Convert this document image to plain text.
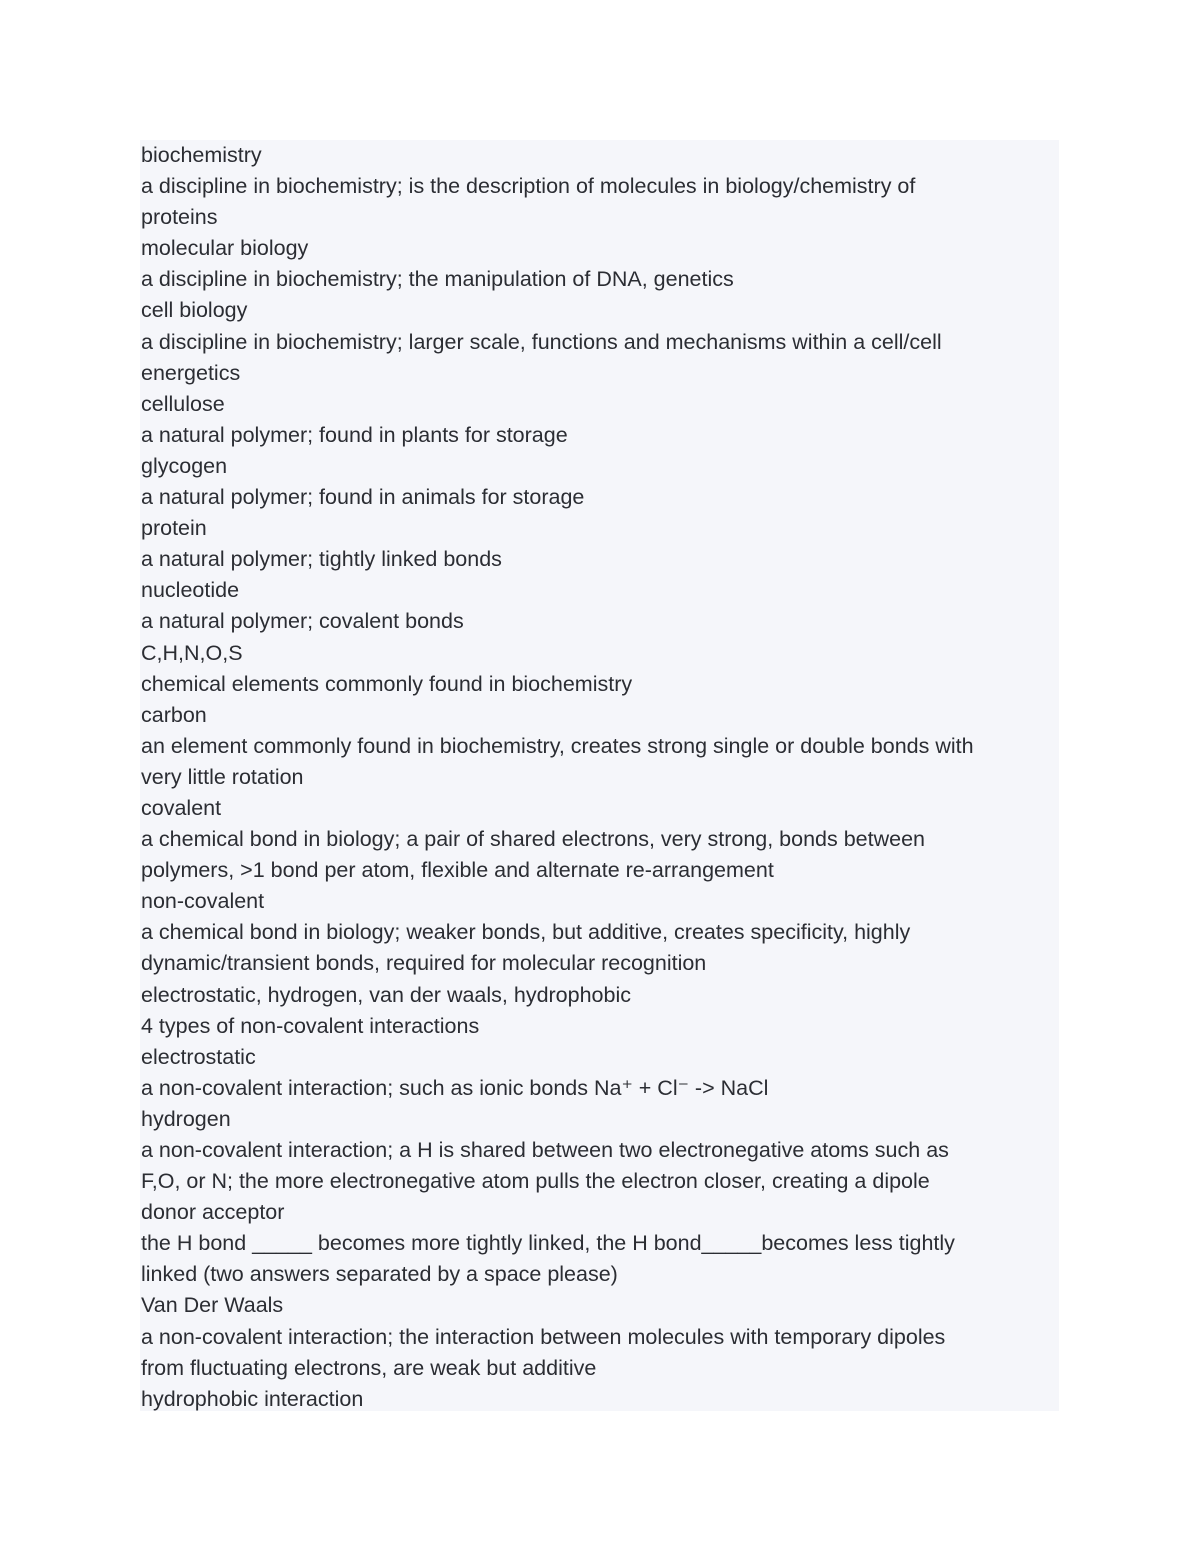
biochemistry
a discipline in biochemistry; is the description of molecules in biology/chemistry of
proteins
molecular biology
a discipline in biochemistry; the manipulation of DNA, genetics
cell biology
a discipline in biochemistry; larger scale, functions and mechanisms within a cell/cell
energetics
cellulose
a natural polymer; found in plants for storage
glycogen
a natural polymer; found in animals for storage
protein
a natural polymer; tightly linked bonds
nucleotide
a natural polymer; covalent bonds
C,H,N,O,S
chemical elements commonly found in biochemistry
carbon
an element commonly found in biochemistry, creates strong single or double bonds with
very little rotation
covalent
a chemical bond in biology; a pair of shared electrons, very strong, bonds between
polymers, >1 bond per atom, flexible and alternate re-arrangement
non-covalent
a chemical bond in biology; weaker bonds, but additive, creates specificity, highly
dynamic/transient bonds, required for molecular recognition
electrostatic, hydrogen, van der waals, hydrophobic
4 types of non-covalent interactions
electrostatic
a non-covalent interaction; such as ionic bonds Na⁺ + Cl⁻ -> NaCl
hydrogen
a non-covalent interaction; a H is shared between two electronegative atoms such as
F,O, or N; the more electronegative atom pulls the electron closer, creating a dipole
donor acceptor
the H bond _____ becomes more tightly linked, the H bond_____becomes less tightly
linked (two answers separated by a space please)
Van Der Waals
a non-covalent interaction; the interaction between molecules with temporary dipoles
from fluctuating electrons, are weak but additive
hydrophobic interaction
